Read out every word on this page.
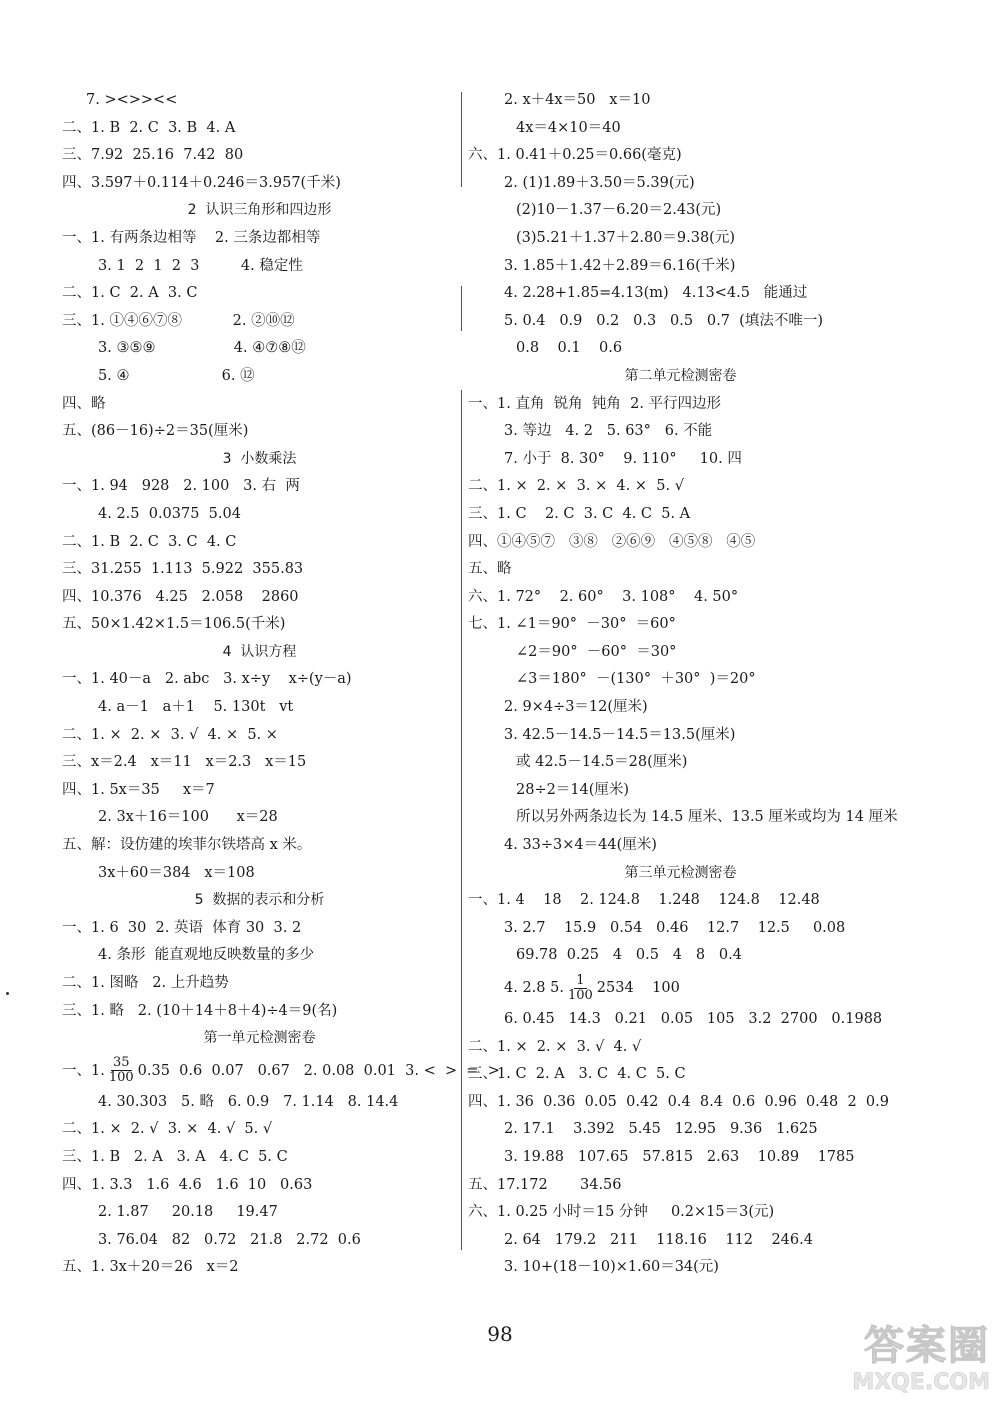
7. ><>><<
二、1. B  2. C  3. B  4. A
三、7.92  25.16  7.42  80
四、3.597＋0.114＋0.246＝3.957(千米)
2  认识三角形和四边形
一、1. 有两条边相等    2. 三条边都相等
3. 1  2  1  2  3         4. 稳定性
二、1. C  2. A  3. C
三、1. ①④⑥⑦⑧           2. ②⑩⑫
3. ③⑤⑨                 4. ④⑦⑧⑫
5. ④                    6. ⑫
四、略
五、(86－16)÷2＝35(厘米)
3  小数乘法
一、1. 94   928   2. 100   3. 右  两
4. 2.5  0.0375  5.04
二、1. B  2. C  3. C  4. C
三、31.255  1.113  5.922  355.83
四、10.376   4.25   2.058    2860
五、50×1.42×1.5＝106.5(千米)
4  认识方程
一、1. 40－a   2. abc   3. x÷y    x÷(y－a)
4. a－1   a＋1    5. 130t   vt
二、1. ×  2. ×  3. √  4. ×  5. ×
三、x＝2.4   x＝11   x＝2.3   x＝15
四、1. 5x＝35     x＝7
2. 3x＋16＝100      x＝28
五、解：设仿建的埃菲尔铁塔高 x 米。
3x＋60＝384   x＝108
5  数据的表示和分析
一、1. 6  30  2. 英语  体育 30  3. 2
4. 条形  能直观地反映数量的多少
二、1. 图略   2. 上升趋势
三、1. 略   2. (10＋14＋8＋4)÷4＝9(名)
第一单元检测密卷
一、1. $\frac{35}{100} 0.35$  0.6  0.07   0.67   2. 0.08  0.01  3. <  >  =  >
4. 30.303   5. 略   6. 0.9   7. 1.14   8. 14.4
二、1. ×  2. √  3. ×  4. √  5. √
三、1. B   2. A   3. A   4. C  5. C
四、1. 3.3   1.6  4.6   1.6  10   0.63
2. 1.87     20.18     19.47
3. 76.04   82   0.72   21.8   2.72  0.6
五、1. 3x＋20＝26   x＝2
2. x＋4x＝50   x＝10
4x＝4×10＝40
六、1. 0.41＋0.25＝0.66(毫克)
2. (1)1.89＋3.50＝5.39(元)
(2)10－1.37－6.20＝2.43(元)
(3)5.21＋1.37＋2.80＝9.38(元)
3. 1.85＋1.42＋2.89＝6.16(千米)
4. 2.28+1.85=4.13(m)   4.13<4.5   能通过
5. 0.4   0.9   0.2   0.3   0.5   0.7  (填法不唯一)
0.8    0.1    0.6
第二单元检测密卷
一、1. 直角  锐角  钝角  2. 平行四边形
3. 等边   4. 2   5. 63°   6. 不能
7. 小于  8. 30°    9. 110°     10. 四
二、1. ×  2. ×  3. ×  4. ×  5. √
三、1. C    2. C  3. C  4. C  5. A
四、①④⑤⑦   ③⑧   ②⑥⑨   ④⑤⑧   ④⑤
五、略
六、1. 72°    2. 60°    3. 108°    4. 50°
七、1. ∠1＝90°  －30°  ＝60°
∠2＝90°  －60°  ＝30°
∠3＝180°  －(130°  ＋30°  )＝20°
2. 9×4÷3＝12(厘米)
3. 42.5－14.5－14.5＝13.5(厘米)
或 42.5－14.5＝28(厘米)
28÷2＝14(厘米)
所以另外两条边长为 14.5 厘米、13.5 厘米或均为 14 厘米
4. 33÷3×4＝44(厘米)
第三单元检测密卷
一、1. 4    18    2. 124.8    1.248    124.8    12.48
3. 2.7    15.9   0.54   0.46    12.7    12.5     0.08
69.78  0.25   4   0.5   4   8   0.4
4. 2.8 5. $\frac{1}{100} 2534$    100
6. 0.45   14.3   0.21   0.05   105   3.2  2700   0.1988
二、1. ×  2. ×  3. √  4. √
三、1. C  2. A   3. C  4. C  5. C
四、1. 36  0.36  0.05  0.42  0.4  8.4  0.6  0.96  0.48  2  0.9
2. 17.1    3.392   5.45   12.95   9.36   1.625
3. 19.88   107.65   57.815   2.63    10.89    1785
五、17.172       34.56
六、1. 0.25 小时＝15 分钟     0.2×15＝3(元)
2. 64   179.2   211    118.16    112    246.4
3. 10+(18－10)×1.60＝34(元)
98	答案圈
MXQE.COM
